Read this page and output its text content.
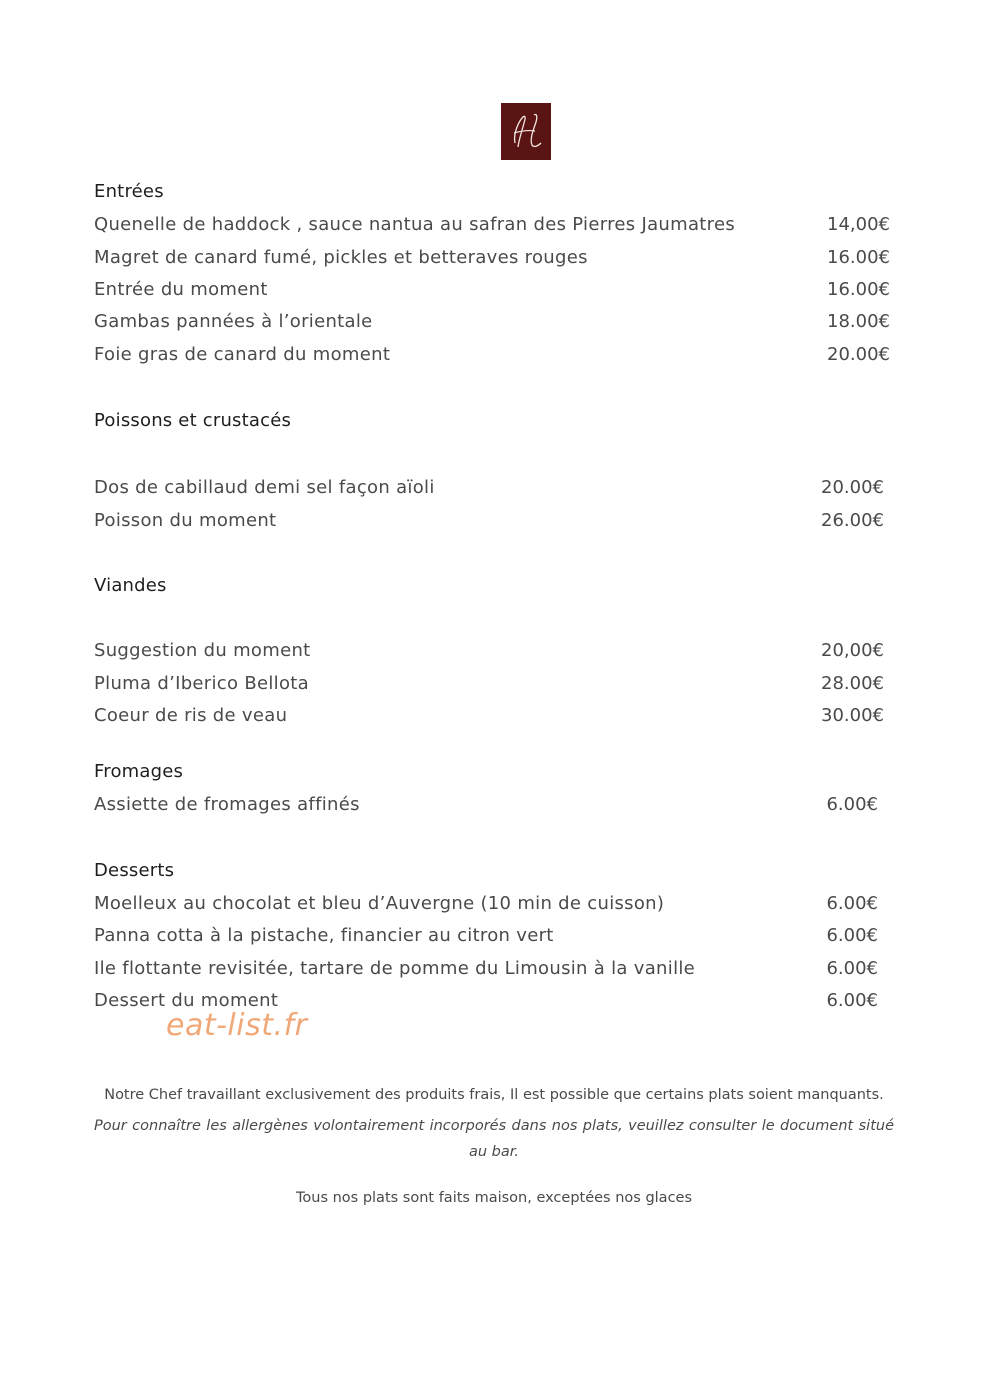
Entrées
Quenelle de haddock , sauce nantua au safran des Pierres Jaumatres	14,00€
Magret de canard fumé, pickles et betteraves rouges	16.00€
Entrée du moment	16.00€
Gambas pannées à l’orientale	18.00€
Foie gras de canard du moment	20.00€
Poissons et crustacés
Dos de cabillaud demi sel façon aïoli	20.00€
Poisson du moment	26.00€
Viandes
Suggestion du moment	20,00€
Pluma d’Iberico Bellota	28.00€
Coeur de ris de veau	30.00€
Fromages
Assiette de fromages affinés	6.00€
Desserts
Moelleux au chocolat et bleu d’Auvergne (10 min de cuisson)	6.00€
Panna cotta à la pistache, financier au citron vert	6.00€
Ile flottante revisitée, tartare de pomme du Limousin à la vanille	6.00€
Dessert du moment	6.00€
eat-list.fr
Notre Chef travaillant exclusivement des produits frais, Il est possible que certains plats soient manquants.
Pour connaître les allergènes volontairement incorporés dans nos plats, veuillez consulter le document situé au bar.
Tous nos plats sont faits maison, exceptées nos glaces
